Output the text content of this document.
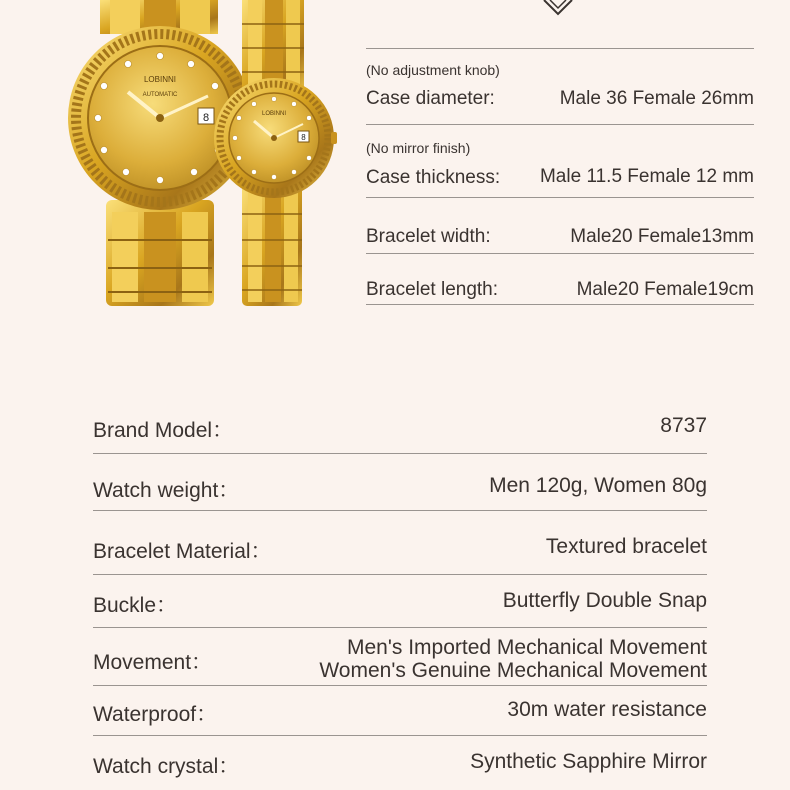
8
LOBINNI
AUTOMATIC
8
LOBINNI
(No adjustment knob)
Case diameter:	Male 36 Female 26mm
(No mirror finish)
Case thickness: Male 11.5 Female 12 mm
Bracelet width:	Male20 Female13mm
Bracelet length:	Male20 Female19cm
Brand Model：	8737
Watch weight：	Men 120g, Women 80g
Bracelet Material：	Textured bracelet
Buckle：	Butterfly Double Snap
Movement：
Men's Imported Mechanical Movement
Women's Genuine Mechanical Movement
Waterproof：	30m water resistance
Watch crystal：	Synthetic Sapphire Mirror
